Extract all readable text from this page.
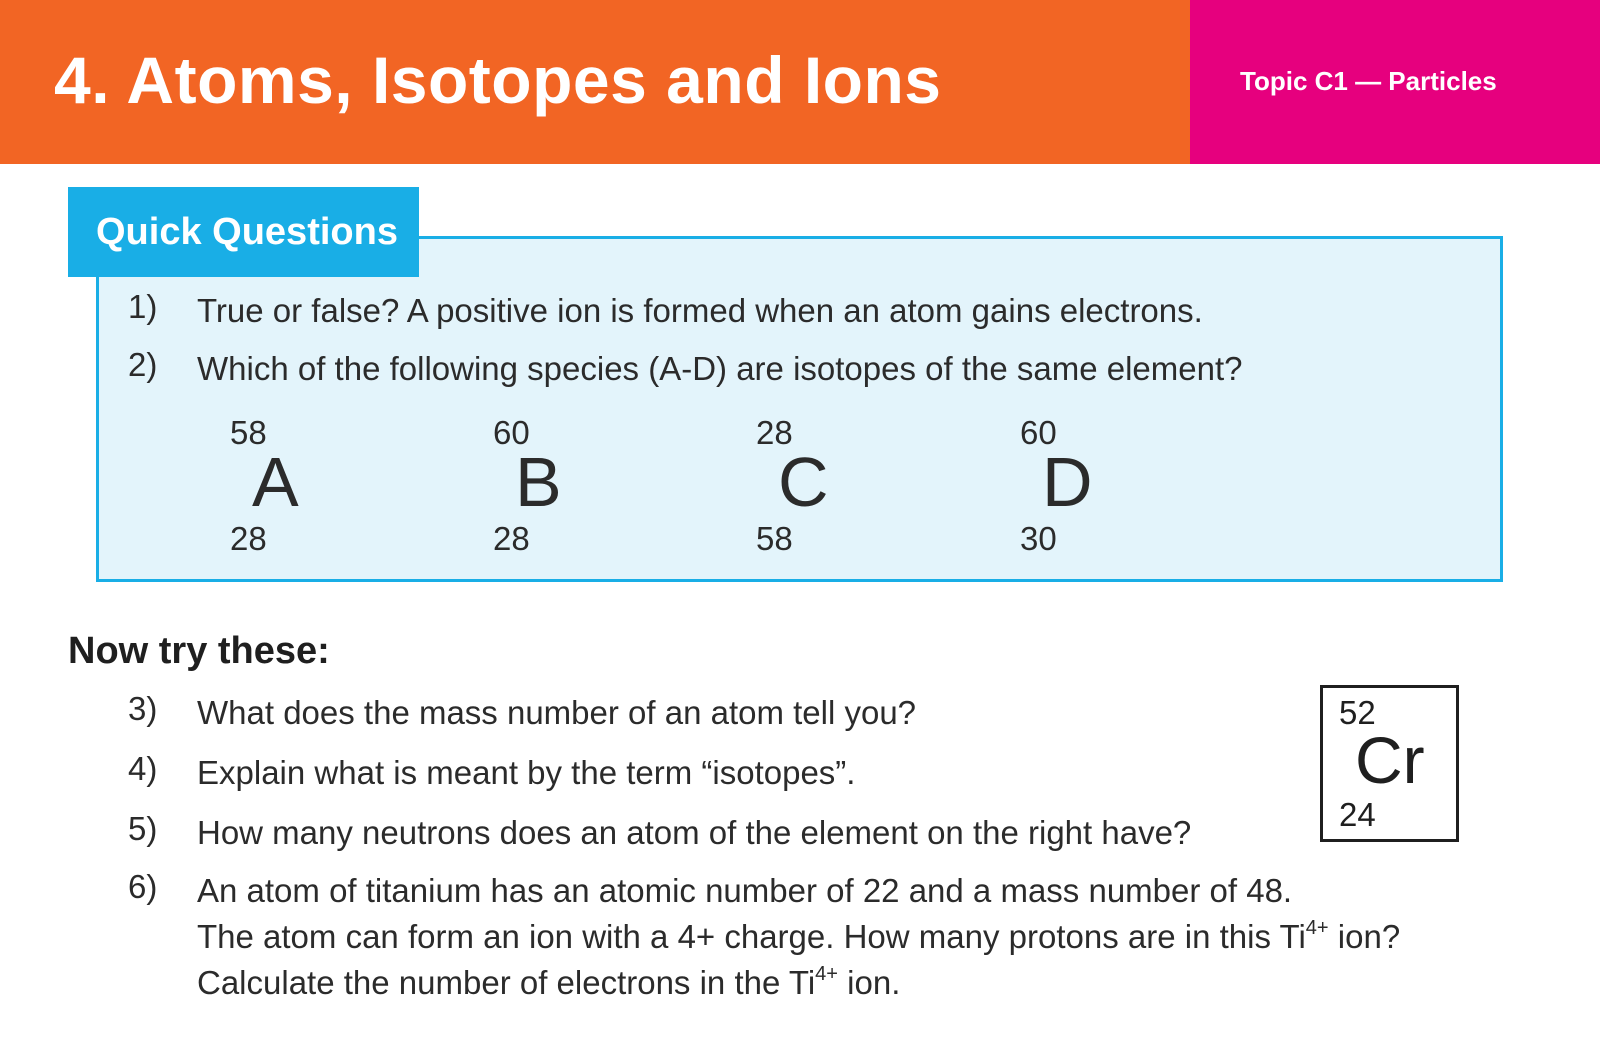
4. Atoms, Isotopes and Ions	Topic C1 — Particles
Quick Questions
1) True or false? A positive ion is formed when an atom gains electrons.
2) Which of the following species (A-D) are isotopes of the same element?
58
A
28
60
B
28
28
C
58
60
D
30
Now try these:
3) What does the mass number of an atom tell you?
4) Explain what is meant by the term “isotopes”.
5) How many neutrons does an atom of the element on the right have?
6) An atom of titanium has an atomic number of 22 and a mass number of 48.
The atom can form an ion with a 4+ charge. How many protons are in this $Ti^{4+}$ ion?
Calculate the number of electrons in the $Ti^{4+}$ ion.
52
Cr
24
